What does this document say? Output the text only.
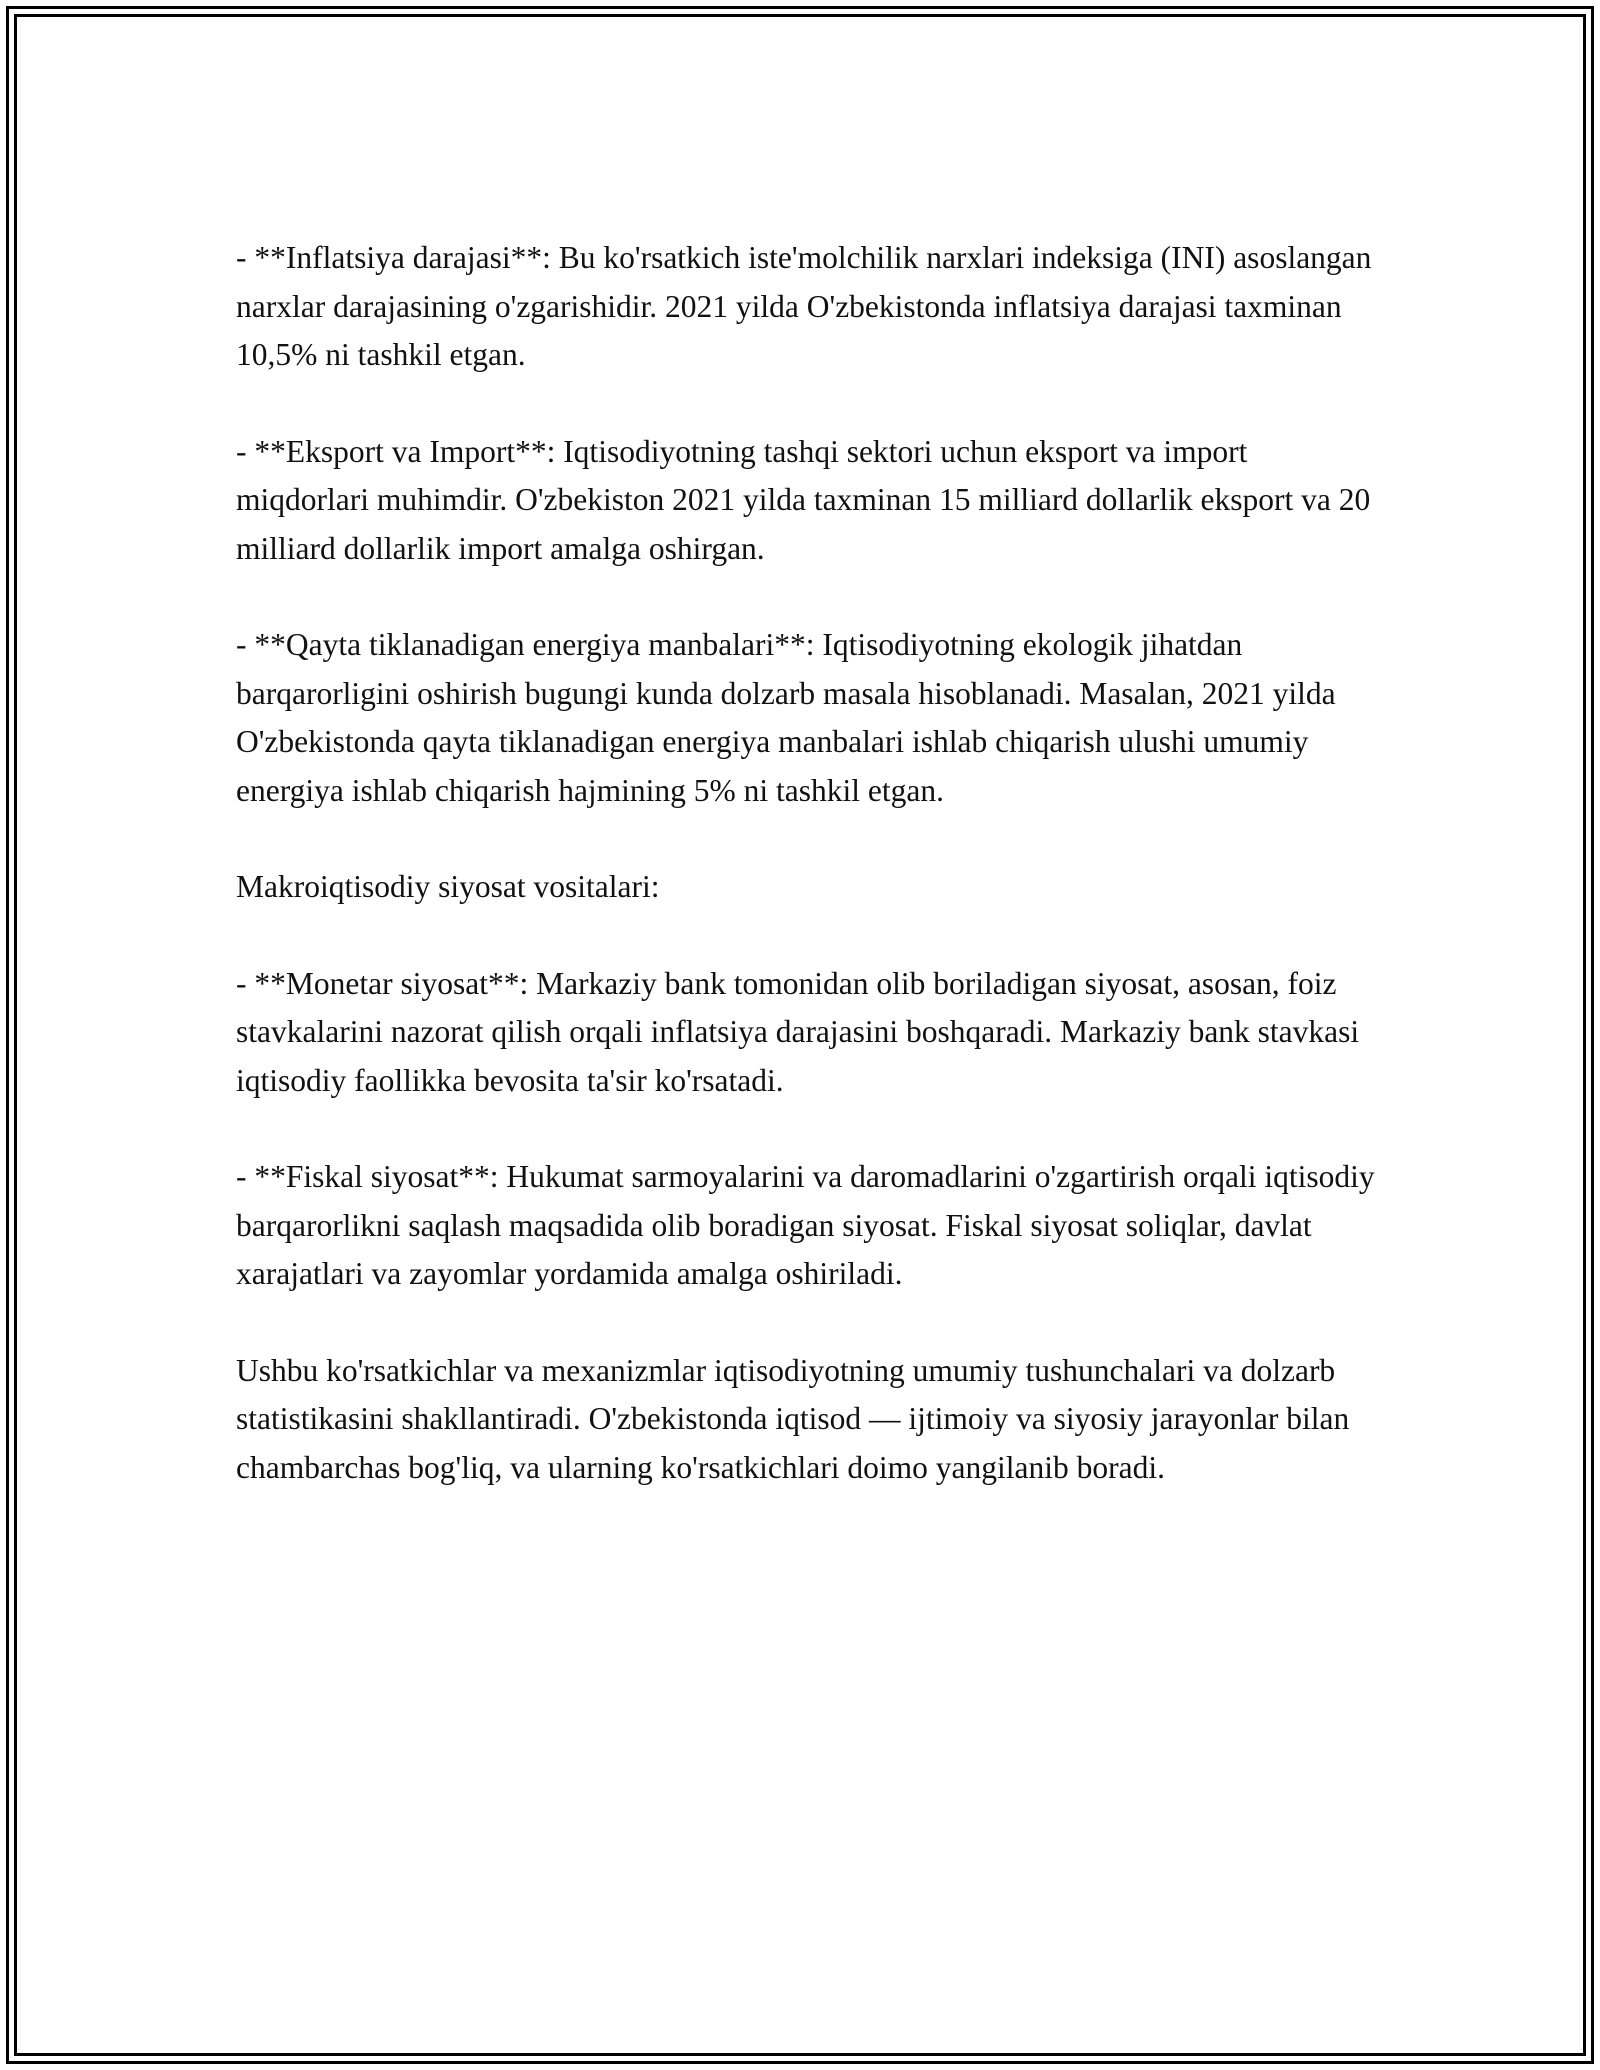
- **Inflatsiya darajasi**: Bu ko'rsatkich iste'molchilik narxlari indeksiga (INI) asoslangan narxlar darajasining o'zgarishidir. 2021 yilda O'zbekistonda inflatsiya darajasi taxminan 10,5% ni tashkil etgan.

- **Eksport va Import**: Iqtisodiyotning tashqi sektori uchun eksport va import miqdorlari muhimdir. O'zbekiston 2021 yilda taxminan 15 milliard dollarlik eksport va 20 milliard dollarlik import amalga oshirgan.

- **Qayta tiklanadigan energiya manbalari**: Iqtisodiyotning ekologik jihatdan barqarorligini oshirish bugungi kunda dolzarb masala hisoblanadi. Masalan, 2021 yilda O'zbekistonda qayta tiklanadigan energiya manbalari ishlab chiqarish ulushi umumiy energiya ishlab chiqarish hajmining 5% ni tashkil etgan.

Makroiqtisodiy siyosat vositalari:

- **Monetar siyosat**: Markaziy bank tomonidan olib boriladigan siyosat, asosan, foiz stavkalarini nazorat qilish orqali inflatsiya darajasini boshqaradi. Markaziy bank stavkasi iqtisodiy faollikka bevosita ta'sir ko'rsatadi.

- **Fiskal siyosat**: Hukumat sarmoyalarini va daromadlarini o'zgartirish orqali iqtisodiy barqarorlikni saqlash maqsadida olib boradigan siyosat. Fiskal siyosat soliqlar, davlat xarajatlari va zayomlar yordamida amalga oshiriladi.

Ushbu ko'rsatkichlar va mexanizmlar iqtisodiyotning umumiy tushunchalari va dolzarb statistikasini shakllantiradi. O'zbekistonda iqtisod — ijtimoiy va siyosiy jarayonlar bilan chambarchas bog'liq, va ularning ko'rsatkichlari doimo yangilanib boradi.
